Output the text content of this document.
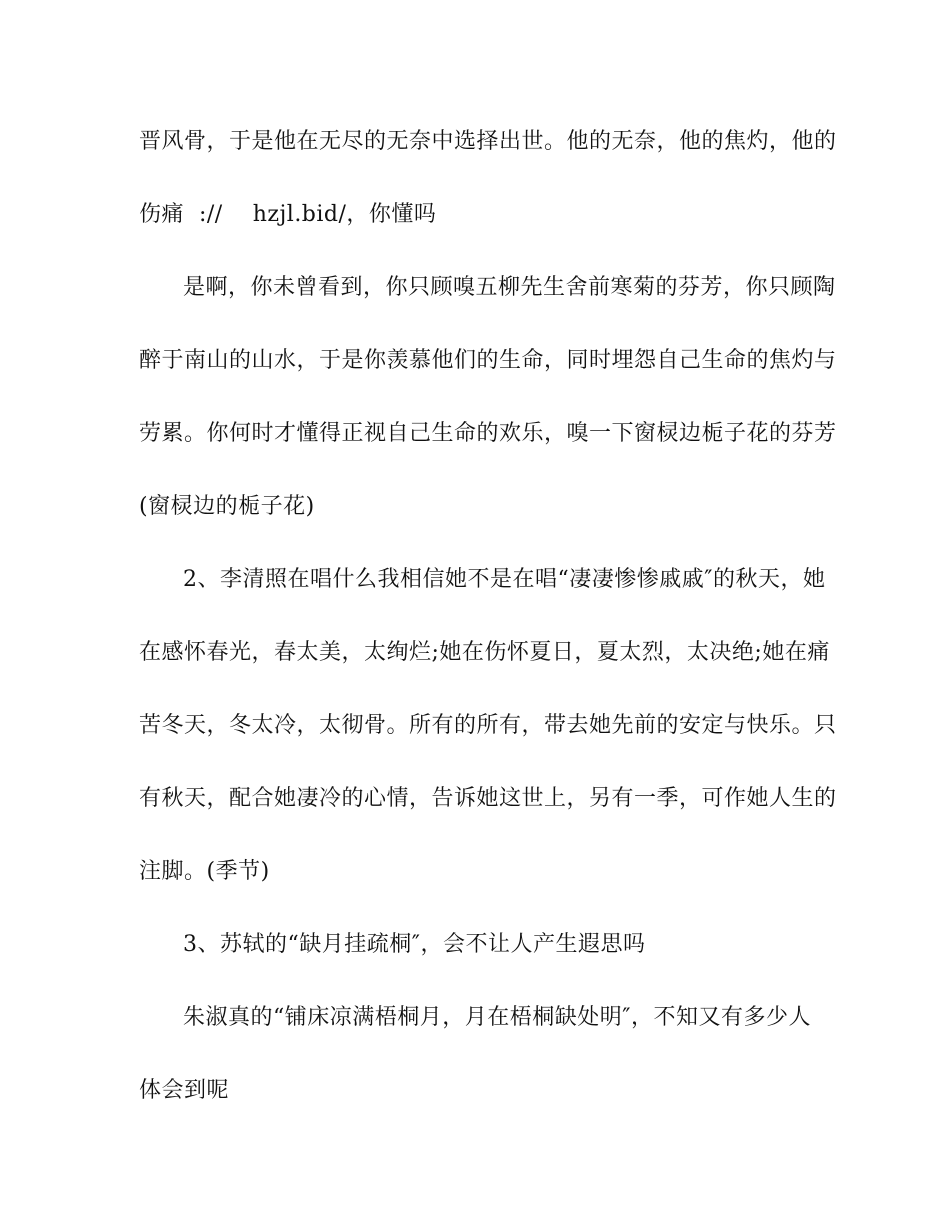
晋风骨，于是他在无尽的无奈中选择出世。他的无奈，他的焦灼，他的
伤痛  ://    hzjl.bid/，你懂吗
是啊，你未曾看到，你只顾嗅五柳先生舍前寒菊的芬芳，你只顾陶
醉于南山的山水，于是你羡慕他们的生命，同时埋怨自己生命的焦灼与
劳累。你何时才懂得正视自己生命的欢乐，嗅一下窗棂边栀子花的芬芳
(窗棂边的栀子花)
2、李清照在唱什么我相信她不是在唱“凄凄惨惨戚戚″的秋天，她
在感怀春光，春太美，太绚烂;她在伤怀夏日，夏太烈，太决绝;她在痛
苦冬天，冬太冷，太彻骨。所有的所有，带去她先前的安定与快乐。只
有秋天，配合她凄冷的心情，告诉她这世上，另有一季，可作她人生的
注脚。(季节)
3、苏轼的“缺月挂疏桐″，会不让人产生遐思吗
朱淑真的“铺床凉满梧桐月，月在梧桐缺处明″，不知又有多少人
体会到呢
